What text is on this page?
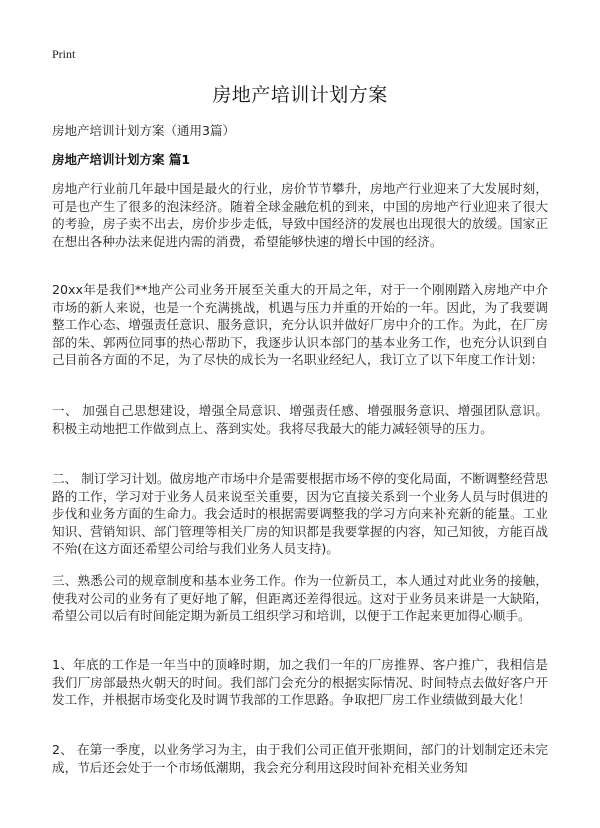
Print
房地产培训计划方案

房地产培训计划方案（通用3篇）

房地产培训计划方案 篇1

房地产行业前几年最中国是最火的行业，房价节节攀升，房地产行业迎来了大发展时刻，可是也产生了很多的泡沫经济。随着全球金融危机的到来，中国的房地产行业迎来了很大的考验，房子卖不出去，房价步步走低，导致中国经济的发展也出现很大的放缓。国家正在想出各种办法来促进内需的消费，希望能够快速的增长中国的经济。

20xx年是我们**地产公司业务开展至关重大的开局之年，对于一个刚刚踏入房地产中介市场的新人来说，也是一个充满挑战，机遇与压力并重的开始的一年。因此，为了我要调整工作心态、增强责任意识、服务意识，充分认识并做好厂房中介的工作。为此，在厂房部的朱、郭两位同事的热心帮助下，我逐步认识本部门的基本业务工作，也充分认识到自己目前各方面的不足，为了尽快的成长为一名职业经纪人，我订立了以下年度工作计划：

一、 加强自己思想建设，增强全局意识、增强责任感、增强服务意识、增强团队意识。 积极主动地把工作做到点上、落到实处。我将尽我最大的能力减轻领导的压力。

二、 制订学习计划。做房地产市场中介是需要根据市场不停的变化局面，不断调整经营思路的工作，学习对于业务人员来说至关重要，因为它直接关系到一个业务人员与时俱进的步伐和业务方面的生命力。我会适时的根据需要调整我的学习方向来补充新的能量。工业知识、营销知识、部门管理等相关厂房的知识都是我要掌握的内容，知己知彼，方能百战不殆(在这方面还希望公司给与我们业务人员支持)。

三、熟悉公司的规章制度和基本业务工作。作为一位新员工，本人通过对此业务的接触，使我对公司的业务有了更好地了解，但距离还差得很远。这对于业务员来讲是一大缺陷，希望公司以后有时间能定期为新员工组织学习和培训，以便于工作起来更加得心顺手。

1、年底的工作是一年当中的顶峰时期，加之我们一年的厂房推界、客户推广，我相信是我们厂房部最热火朝天的时间。我们部门会充分的根据实际情况、时间特点去做好客户开发工作，并根据市场变化及时调节我部的工作思路。争取把厂房工作业绩做到最大化！

2、 在第一季度，以业务学习为主，由于我们公司正值开张期间，部门的计划制定还未完成，节后还会处于一个市场低潮期，我会充分利用这段时间补充相关业务知
